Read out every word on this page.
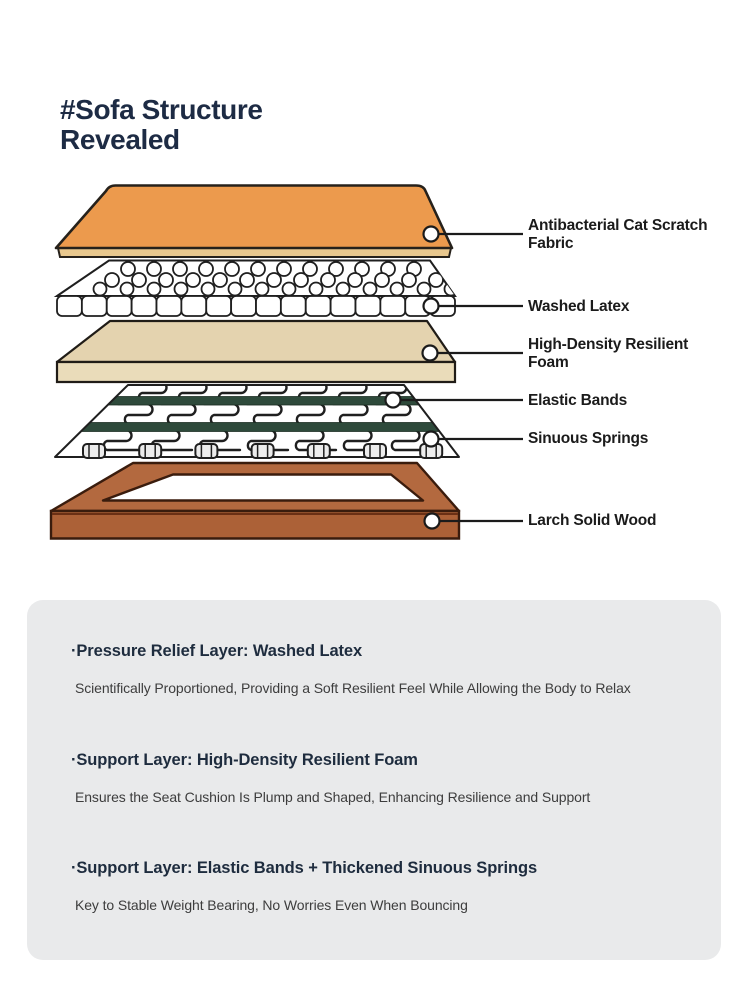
#Sofa Structure
Revealed
Antibacterial Cat Scratch
Fabric
Washed Latex
High-Density Resilient
Foam
Elastic Bands
Sinuous Springs
Larch Solid Wood
·Pressure Relief Layer: Washed Latex
Scientifically Proportioned, Providing a Soft Resilient Feel While Allowing the Body to Relax
·Support Layer: High-Density Resilient Foam
Ensures the Seat Cushion Is Plump and Shaped, Enhancing Resilience and Support
·Support Layer: Elastic Bands + Thickened Sinuous Springs
Key to Stable Weight Bearing, No Worries Even When Bouncing
